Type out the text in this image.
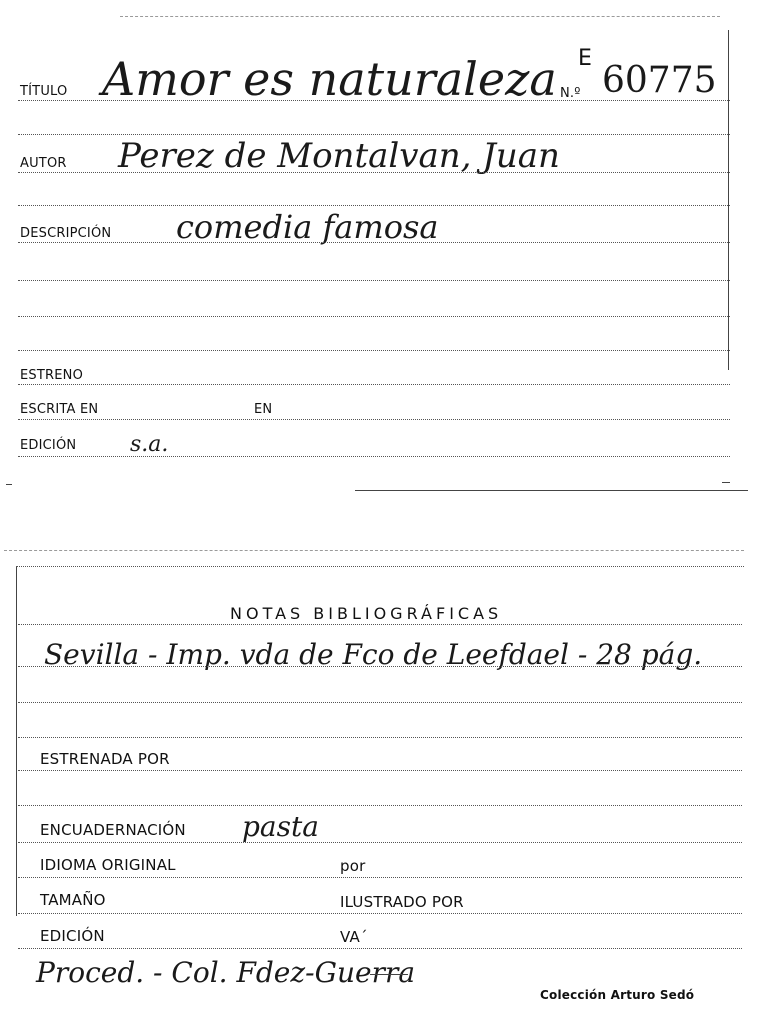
TÍTULO Amor es naturaleza N.º
E
60775
AUTOR Perez de Montalvan, Juan
DESCRIPCIÓN comedia famosa
ESTRENO
ESCRITA EN	EN
EDICIÓN s.a.
NOTAS BIBLIOGRÁFICAS
Sevilla - Imp. vda de Fco de Leefdael - 28 pág.
ESTRENADA POR
ENCUADERNACIÓN pasta
IDIOMA ORIGINAL	por
TAMAÑO	ILUSTRADO POR
EDICIÓN	VA´
Proced. - Col. Fdez-Guerra
Colección Arturo Sedó
